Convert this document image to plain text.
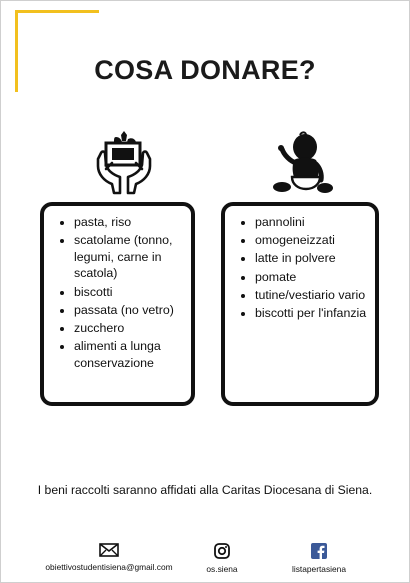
COSA DONARE?
• pasta, riso
• scatolame (tonno, legumi, carne in scatola)
• biscotti
• passata (no vetro)
• zucchero
• alimenti a lunga conservazione
• pannolini
• omogeneizzati
• latte in polvere
• pomate
• tutine/vestiario vario
• biscotti per l'infanzia
I beni raccolti saranno affidati alla Caritas Diocesana di Siena.
obiettivostudentisiena@gmail.com	os.siena	listapertasiena
